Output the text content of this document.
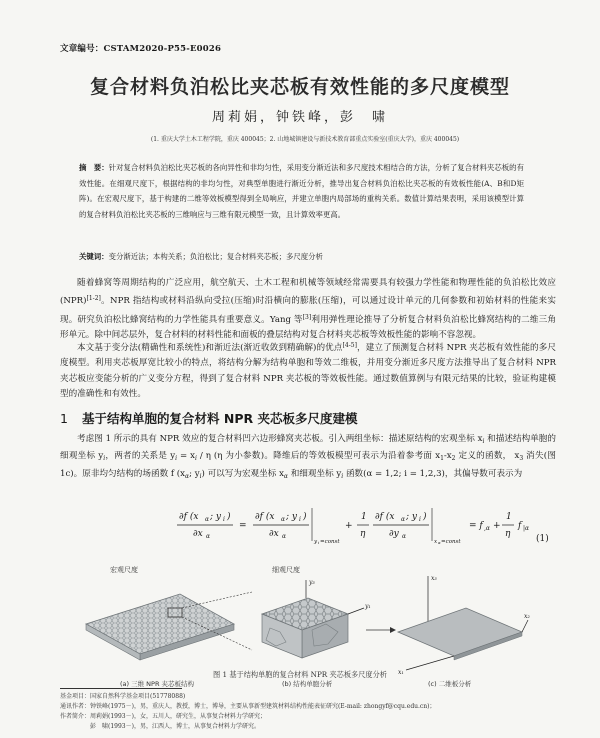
文章编号：CSTAM2020-P55-E0026
复合材料负泊松比夹芯板有效性能的多尺度模型
周莉娟，钟铁峰，彭　啸
(1. 重庆大学土木工程学院，重庆 400045；2. 山地城镇建设与新技术教育部重点实验室(重庆大学)，重庆 400045)
摘　要：针对复合材料负泊松比夹芯板的各向异性和非均匀性，采用变分渐近法和多尺度技术相结合的方法，分析了复合材料夹芯板的有效性能。在细观尺度下，根据结构的非均匀性，对典型单胞进行渐近分析，推导出复合材料负泊松比夹芯板的有效板性能(A、B和D矩阵)。在宏观尺度下，基于构建的二维等效板模型得到全局响应，并建立单胞内局部场的重构关系。数值计算结果表明，采用该模型计算的复合材料负泊松比夹芯板的三维响应与三维有限元模型一致，且计算效率更高。
关键词：变分渐近法；本构关系；负泊松比；复合材料夹芯板；多尺度分析
随着蜂窝等周期结构的广泛应用，航空航天、土木工程和机械等领域经常需要具有较强力学性能和物理性能的负泊松比效应(NPR)[1-2]。NPR 指结构或材料沿纵向受拉(压缩)时沿横向的膨胀(压缩)，可以通过设计单元的几何参数和初始材料的性能来实现。研究负泊松比蜂窝结构的力学性能具有重要意义。Yang 等[3]利用弹性理论推导了分析复合材料负泊松比蜂窝结构的二维三角形单元。除中间芯层外，复合材料的材料性能和面板的叠层结构对复合材料夹芯板等效板性能的影响不容忽视。
本文基于变分法(精确性和系统性)和渐近法(渐近收敛到精确解)的优点[4-5]，建立了预测复合材料 NPR 夹芯板有效性能的多尺度模型。利用夹芯板厚宽比较小的特点，将结构分解为结构单胞和等效二维板，并用变分渐近多尺度方法推导出了复合材料 NPR 夹芯板应变能分析的广义变分方程，得到了复合材料 NPR 夹芯板的等效板性能。通过数值算例与有限元结果的比较，验证构建模型的准确性和有效性。
1 基于结构单胞的复合材料 NPR 夹芯板多尺度建模
考虑图 1 所示的具有 NPR 效应的复合材料凹六边形蜂窝夹芯板。引入两组坐标：描述原结构的宏观坐标 $x_i$ 和描述结构单胞的细观坐标 $y_i$，两者的关系是 $y_i = x_i / \eta$ (η 为小参数)。降维后的等效板模型可表示为沿着参考面 $x_1-x_2$ 定义的函数， $x_3$ 消失(图 1c)。原非均匀结构的场函数 f ($x_\alpha$; $y_i$) 可以写为宏观坐标 $x_\alpha$ 和细观坐标 $y_i$ 函数(α = 1,2; i = 1,2,3)，其偏导数可表示为
∂f (x α ; y i )
∂x α
=
∂f (x α ; y i )
∂x α
y i =const
+
1
η
∂f (x α ; y i )
∂y α
x α =const
= f ,α +
1
η
f |α
(1)
宏观尺度	细观尺度
y₃
y₁
x₃
x₁
x₂
(a) 三维 NPR 夹芯板结构	(b) 结构单胞分析	(c) 二维板分析
图 1 基于结构单胞的复合材料 NPR 夹芯板多尺度分析
基金项目：国家自然科学基金项目(51778088)
通讯作者：钟铁峰(1975－)，男，重庆人，教授，博士，博导，主要从事新型建筑材料结构性能表征研究(E-mail: zhongyf@cqu.edu.cn)；
作者简介：周莉娟(1993－)，女，五川人，研究生，从事复合材料力学研究；
　　　　　彭　啸(1993－)，男，江西人，博士，从事复合材料力学研究。
